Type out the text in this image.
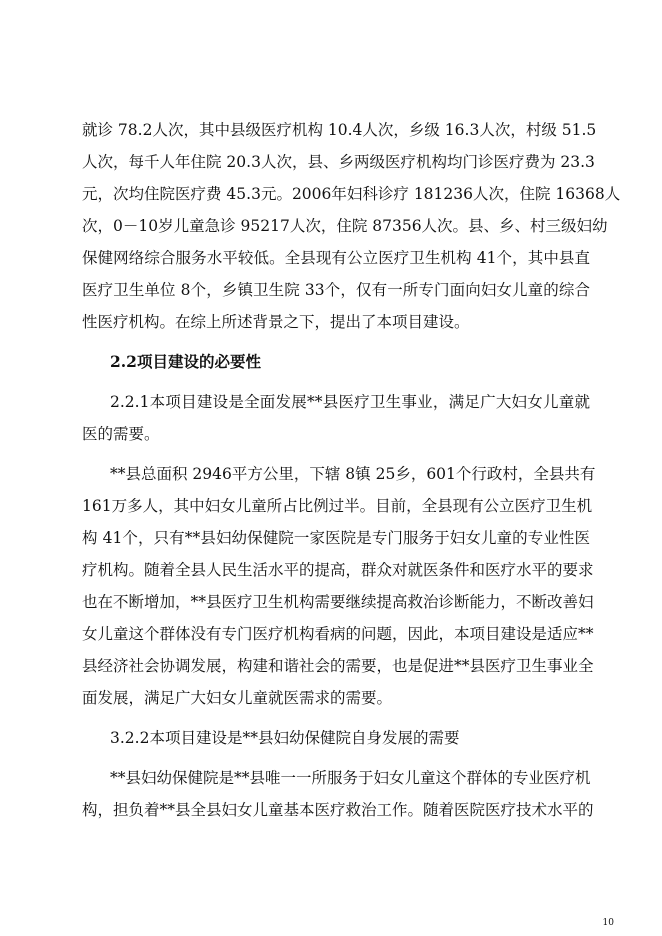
就诊 78.2人次，其中县级医疗机构 10.4人次，乡级 16.3人次，村级 51.5
人次，每千人年住院 20.3人次，县、乡两级医疗机构均门诊医疗费为 23.3
元，次均住院医疗费 45.3元。2006年妇科诊疗 181236人次，住院 16368人
次，0－10岁儿童急诊 95217人次，住院 87356人次。县、乡、村三级妇幼
保健网络综合服务水平较低。全县现有公立医疗卫生机构 41个，其中县直
医疗卫生单位 8个，乡镇卫生院 33个，仅有一所专门面向妇女儿童的综合
性医疗机构。在综上所述背景之下，提出了本项目建设。
2.2项目建设的必要性
2.2.1本项目建设是全面发展**县医疗卫生事业，满足广大妇女儿童就
医的需要。
**县总面积 2946平方公里，下辖 8镇 25乡，601个行政村，全县共有
161万多人，其中妇女儿童所占比例过半。目前，全县现有公立医疗卫生机
构 41个，只有**县妇幼保健院一家医院是专门服务于妇女儿童的专业性医
疗机构。随着全县人民生活水平的提高，群众对就医条件和医疗水平的要求
也在不断增加，**县医疗卫生机构需要继续提高救治诊断能力，不断改善妇
女儿童这个群体没有专门医疗机构看病的问题，因此，本项目建设是适应**
县经济社会协调发展，构建和谐社会的需要，也是促进**县医疗卫生事业全
面发展，满足广大妇女儿童就医需求的需要。
3.2.2本项目建设是**县妇幼保健院自身发展的需要
**县妇幼保健院是**县唯一一所服务于妇女儿童这个群体的专业医疗机
构，担负着**县全县妇女儿童基本医疗救治工作。随着医院医疗技术水平的
10
